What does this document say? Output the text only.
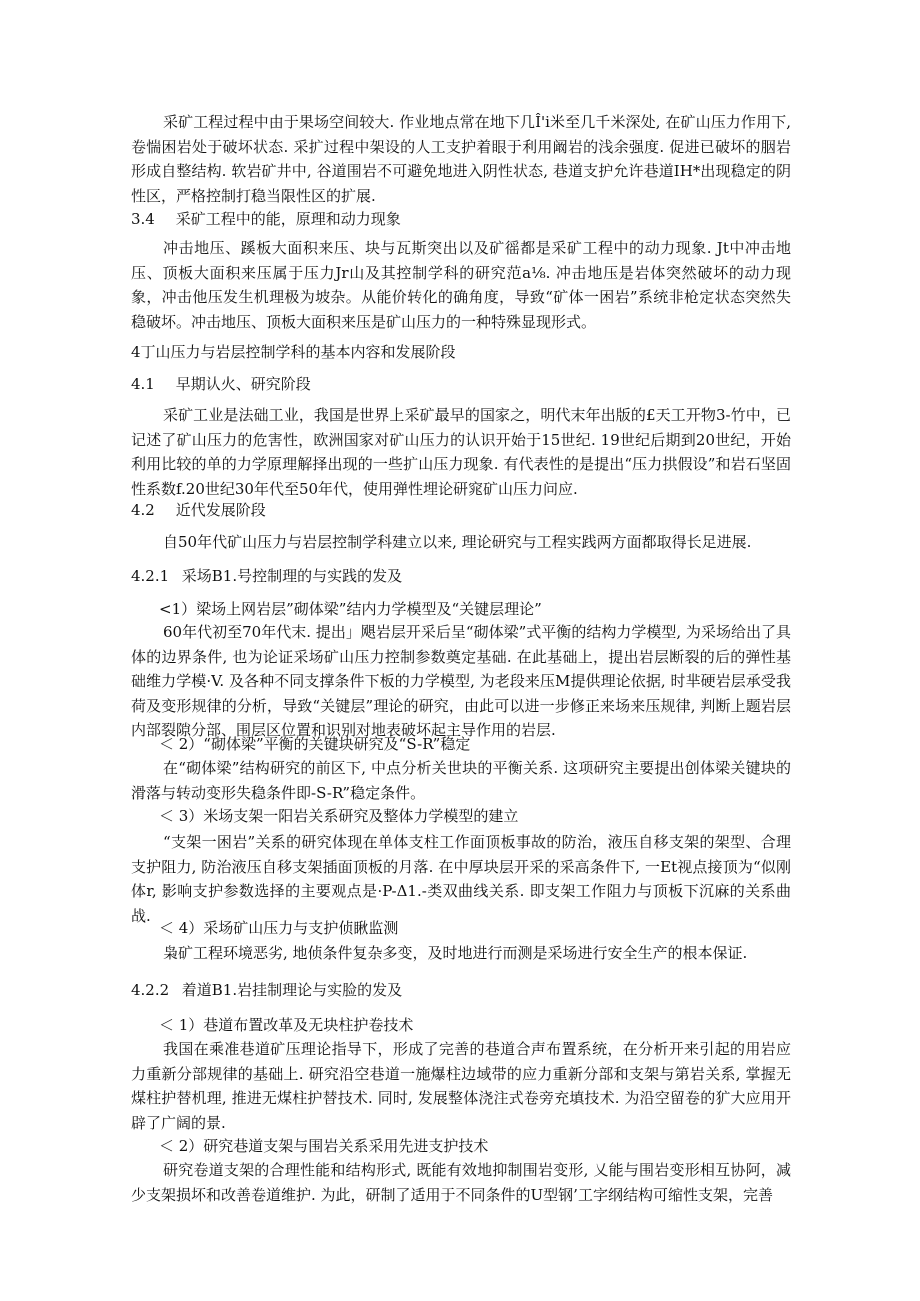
采矿工程过程中由于果场空间较大. 作业地点常在地下几Î'i米至几千米深处, 在矿山压力作用下, 卷惴困岩处于破坏状态. 采扩过程中架设的人工支护着眼于利用阚岩的浅余强度. 促进已破坏的胭岩形成自整结构. 软岩矿井中, 谷道围岩不可避免地进入阴性状态, 巷道支护允许巷道IH*出现稳定的阴性区，严格控制打稳当限性区的扩展.

3.4 采矿工程中的能，原理和动力现象

冲击地压、蹊板大面积来压、块与瓦斯突出以及矿徭都是采矿工程中的动力现象. Jt中冲击地压、顶板大面积来压属于压力Jr山及其控制学科的研究范a⅛. 冲击地压是岩体突然破坏的动力现象，冲击他压发生机理极为坡杂。从能价转化的确角度，导致“矿体一困岩”系统非枪定状态突然失稳破坏。冲击地压、顶板大面积来压是矿山压力的一种特殊显现形式。

4丁山压力与岩层控制学科的基本内容和发展阶段
4.1 早期认火、研究阶段

采矿工业是法础工业，我国是世界上采矿最早的国家之，明代末年出版的£天工开物3-竹中，已记述了矿山压力的危害性，欧洲国家对矿山压力的认识开始于15世纪. 19世纪后期到20世纪，开始利用比较的单的力学原理解择出现的一些扩山压力现象. 有代表性的是提出“压力拱假设”和岩石坚固性系数f.20世纪30年代至50年代，使用弹性埋论研窕矿山压力问应.

4.2 近代发展阶段

自50年代矿山压力与岩层控制学科建立以来, 理论研究与工程实践两方面都取得长足进展.

4.2.1 采场B1.号控制理的与实践的发及
<1）梁场上网岩层”砌体梁”结内力学模型及“关键层理论”

60年代初至70年代末. 提出」飓岩层开采后呈“砌体梁”式平衡的结构力学模型, 为采场给出了具体的边界条件, 也为论证采场矿山压力控制参数奠定基础. 在此基础上，提出岩层断裂的后的弹性基础维力学模·V. 及各种不同支撑条件下板的力学模型, 为老段来压M提供理论依据, 时芈硬岩层承受我荷及变形规律的分析，导致“关键层”理论的研究，由此可以进一步修正来场来压规律, 判断上题岩层内部裂隙分部、围层区位置和识别对地表破坏起主导作用的岩层.

＜ 2）“砌体梁”平衡的关键块研究及“S-R”稳定

在“砌体梁”结构研究的前区下, 中点分析关世块的平衡关系. 这项研究主要提出创体梁关键块的滑落与转动变形失稳条件即-S-R”稳定条件。

＜ 3）米场支架一阳岩关系研究及整体力学模型的建立

“支架一困岩”关系的研究体现在单体支柱工作面顶板事故的防治，液压自移支架的架型、合理支护阻力, 防治液压自移支架插面顶板的月落. 在中厚块层开采的采高条件下, 一Et视点接顶为“似刚体r, 影响支护参数选择的主要观点是·P-Δ1.-类双曲线关系. 即支架工作阻力与顶板下沉麻的关系曲战.

＜ 4）采场矿山压力与支护侦瞅监测

枭矿工程环境恶劣, 地侦条件复杂多变，及时地进行而测是采场进行安全生产的根本保证.

4.2.2 着道B1.岩挂制理论与实脸的发及
＜ 1）巷道布置改革及无块柱护卷技术

我国在乘准巷道矿压理论指导下，形成了完善的巷道合声布置系统，在分析开来引起的用岩应力重新分部规律的基础上. 研究沿空巷道一施爆柱边域带的应力重新分部和支架与第岩关系, 掌握无煤柱护替机理, 推进无煤柱护替技术. 同时, 发展整体浇注式卷旁充填技术. 为沿空留卷的犷大应用开辟了广阔的景.

＜ 2）研究巷道支架与围岩关系采用先进支护技术

研究卷道支架的合理性能和结构形式, 既能有效地抑制围岩变形, 乂能与围岩变形相互协阿，减少支架损坏和改善卷道维护. 为此，研制了适用于不同条件的U型钢’工字纲结构可缩性支架，完善
